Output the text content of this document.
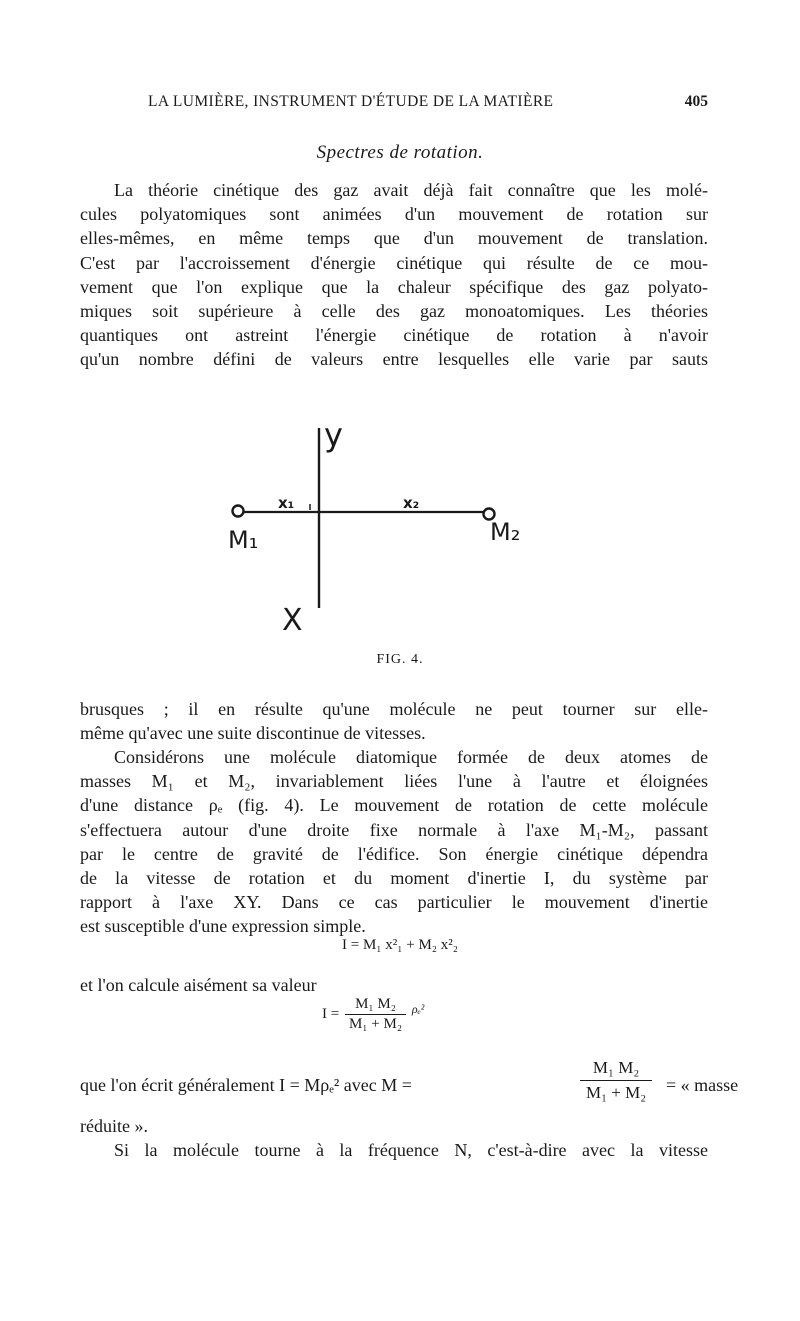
LA LUMIÈRE, INSTRUMENT D'ÉTUDE DE LA MATIÈRE	405
Spectres de rotation.
La théorie cinétique des gaz avait déjà fait connaître que les molé-
cules polyatomiques sont animées d'un mouvement de rotation sur
elles-mêmes, en même temps que d'un mouvement de translation.
C'est par l'accroissement d'énergie cinétique qui résulte de ce mou-
vement que l'on explique que la chaleur spécifique des gaz polyato-
miques soit supérieure à celle des gaz monoatomiques. Les théories
quantiques ont astreint l'énergie cinétique de rotation à n'avoir
qu'un nombre défini de valeurs entre lesquelles elle varie par sauts
y
X
x₁	x₂
M₁	M₂
FIG. 4.
brusques ; il en résulte qu'une molécule ne peut tourner sur elle-
même qu'avec une suite discontinue de vitesses.
Considérons une molécule diatomique formée de deux atomes de
masses M₁ et M₂, invariablement liées l'une à l'autre et éloignées
d'une distance ρₑ (fig. 4). Le mouvement de rotation de cette molécule
s'effectuera autour d'une droite fixe normale à l'axe M₁-M₂, passant
par le centre de gravité de l'édifice. Son énergie cinétique dépendra
de la vitesse de rotation et du moment d'inertie I, du système par
rapport à l'axe XY. Dans ce cas particulier le mouvement d'inertie
est susceptible d'une expression simple.
I = M₁ x²₁ + M₂ x²₂
et l'on calcule aisément sa valeur
$I = \frac{\text{M₁ M₂}}{\text{M₁ + M₂}} \rho_e^2$
que l'on écrit généralement I = Mρₑ² avec M =	$\frac{\text{M₁ M₂}}{\text{M₁ + M₂}}$ = « masse
réduite ».
Si la molécule tourne à la fréquence N, c'est-à-dire avec la vitesse
